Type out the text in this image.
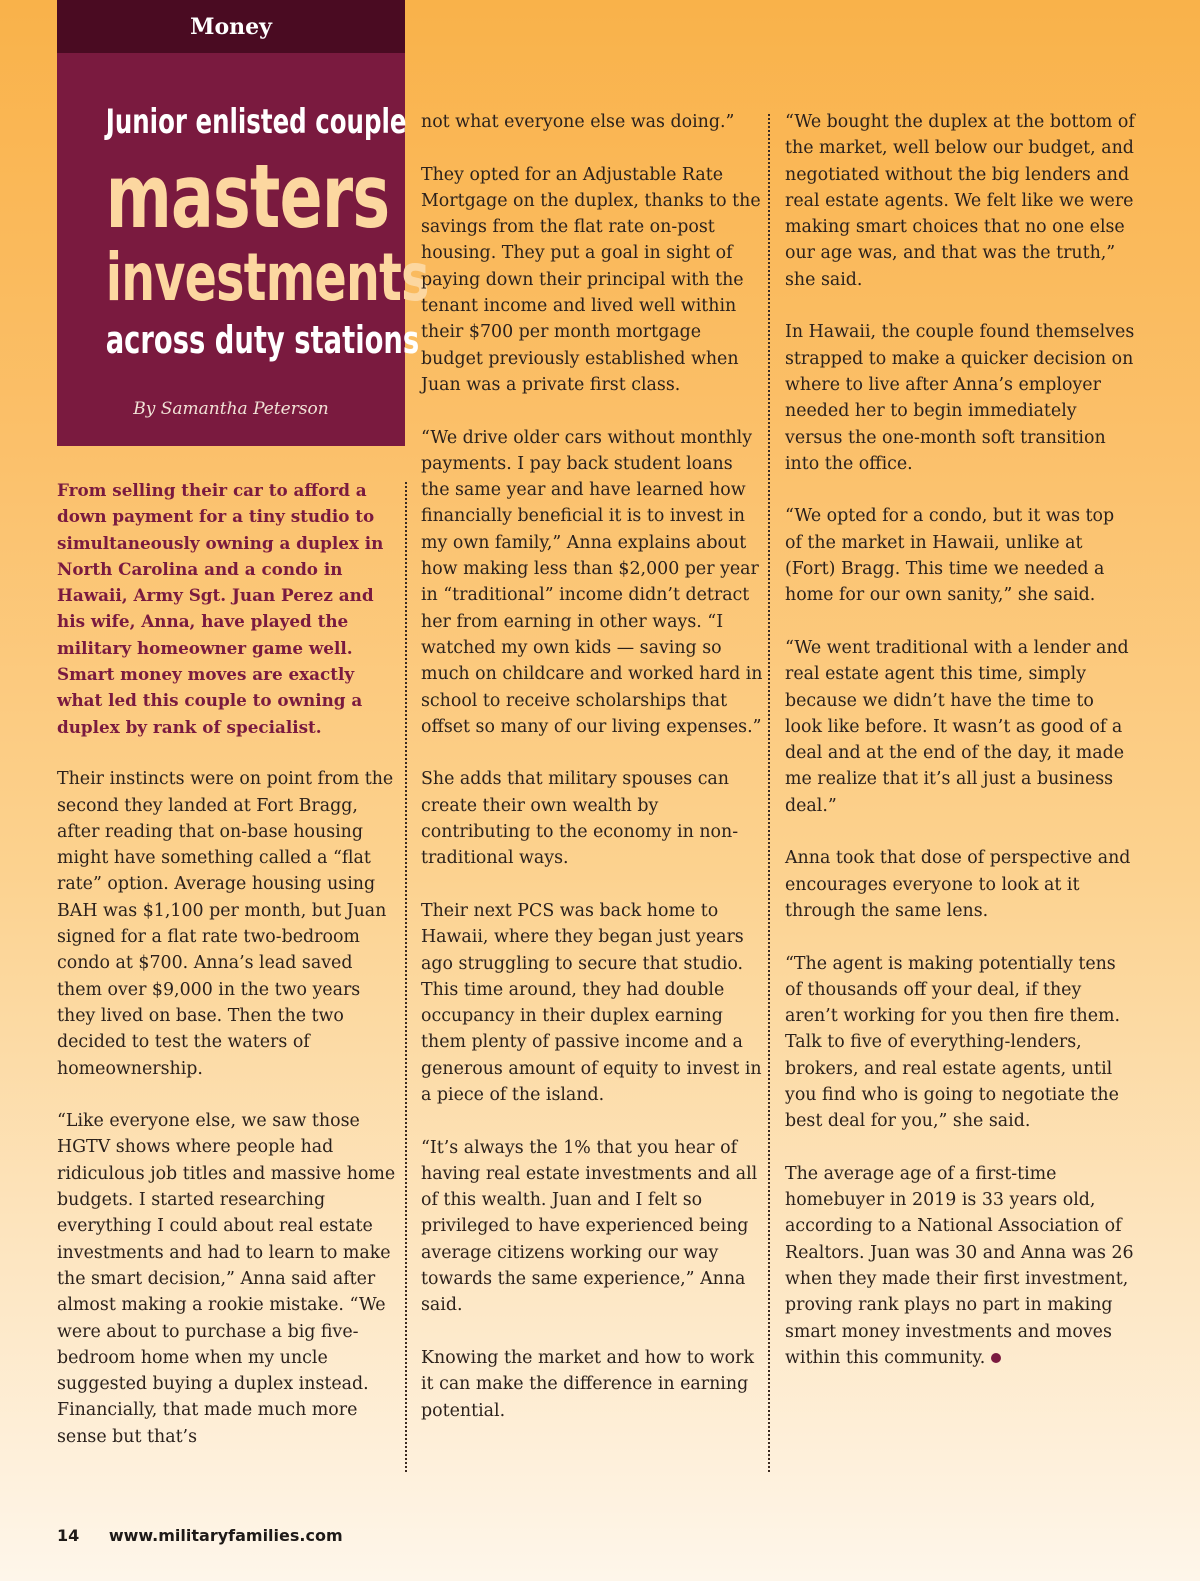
Money
Junior enlisted couple
masters
investments
across duty stations
By Samantha Peterson

From selling their car to afford a down payment for a tiny studio to simultaneously owning a duplex in North Carolina and a condo in Hawaii, Army Sgt. Juan Perez and his wife, Anna, have played the military homeowner game well. Smart money moves are exactly what led this couple to owning a duplex by rank of specialist.

Their instincts were on point from the second they landed at Fort Bragg, after reading that on-base housing might have something called a “flat rate” option. Average housing using BAH was $1,100 per month, but Juan signed for a flat rate two-bedroom condo at $700. Anna’s lead saved them over $9,000 in the two years they lived on base. Then the two decided to test the waters of homeownership.

“Like everyone else, we saw those HGTV shows where people had ridiculous job titles and massive home budgets. I started researching everything I could about real estate investments and had to learn to make the smart decision,” Anna said after almost making a rookie mistake. “We were about to purchase a big five-bedroom home when my uncle suggested buying a duplex instead. Financially, that made much more sense but that’s

not what everyone else was doing.”

They opted for an Adjustable Rate Mortgage on the duplex, thanks to the savings from the flat rate on-post housing. They put a goal in sight of paying down their principal with the tenant income and lived well within their $700 per month mortgage budget previously established when Juan was a private first class.

“We drive older cars without monthly payments. I pay back student loans the same year and have learned how financially beneficial it is to invest in my own family,” Anna explains about how making less than $2,000 per year in “traditional” income didn’t detract her from earning in other ways. “I watched my own kids — saving so much on childcare and worked hard in school to receive scholarships that offset so many of our living expenses.”

She adds that military spouses can create their own wealth by contributing to the economy in non-traditional ways.

Their next PCS was back home to Hawaii, where they began just years ago struggling to secure that studio. This time around, they had double occupancy in their duplex earning them plenty of passive income and a generous amount of equity to invest in a piece of the island.

“It’s always the 1% that you hear of having real estate investments and all of this wealth. Juan and I felt so privileged to have experienced being average citizens working our way towards the same experience,” Anna said.

Knowing the market and how to work it can make the difference in earning potential.

“We bought the duplex at the bottom of the market, well below our budget, and negotiated without the big lenders and real estate agents. We felt like we were making smart choices that no one else our age was, and that was the truth,” she said.

In Hawaii, the couple found themselves strapped to make a quicker decision on where to live after Anna’s employer needed her to begin immediately versus the one-month soft transition into the office.

“We opted for a condo, but it was top of the market in Hawaii, unlike at (Fort) Bragg. This time we needed a home for our own sanity,” she said.

“We went traditional with a lender and real estate agent this time, simply because we didn’t have the time to look like before. It wasn’t as good of a deal and at the end of the day, it made me realize that it’s all just a business deal.”

Anna took that dose of perspective and encourages everyone to look at it through the same lens.

“The agent is making potentially tens of thousands off your deal, if they aren’t working for you then fire them. Talk to five of everything-lenders, brokers, and real estate agents, until you find who is going to negotiate the best deal for you,” she said.

The average age of a first-time homebuyer in 2019 is 33 years old, according to a National Association of Realtors. Juan was 30 and Anna was 26 when they made their first investment, proving rank plays no part in making smart money investments and moves within this community.

14 www.militaryfamilies.com
